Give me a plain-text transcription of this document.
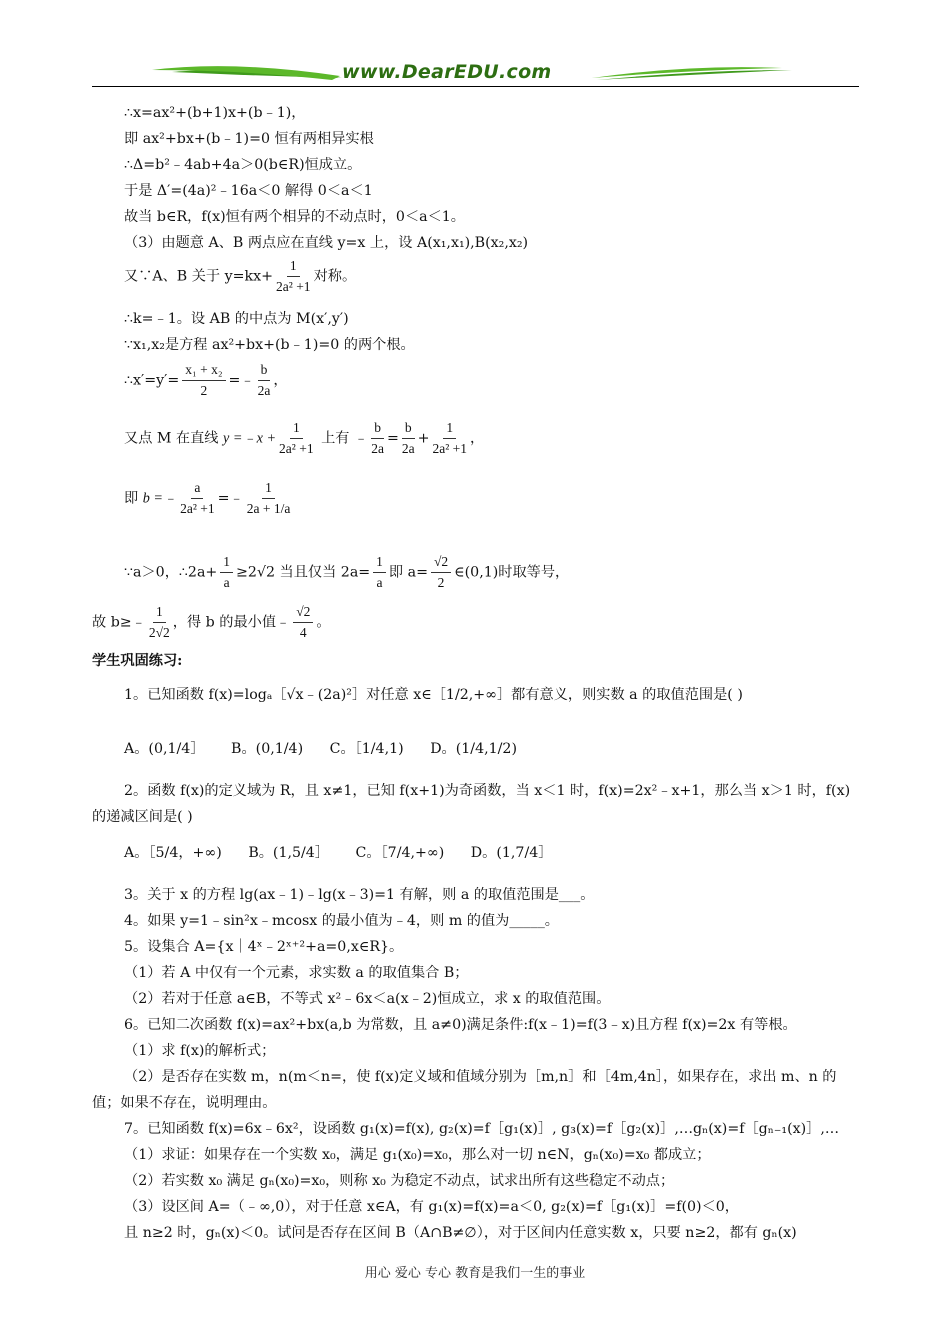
www.DearEDU.com
∴x=ax²+(b+1)x+(b﹣1)，
即 ax²+bx+(b﹣1)=0 恒有两相异实根
∴Δ=b²﹣4ab+4a＞0(b∈R)恒成立。
于是 Δ′=(4a)²﹣16a＜0 解得 0＜a＜1
故当 b∈R，f(x)恒有两个相异的不动点时，0＜a＜1。
（3）由题意 A、B 两点应在直线 y=x 上，设 A(x₁,x₁),B(x₂,x₂)
又∵A、B 关于 $y=kx+ \frac{1}{\text{2a² +1}}$ 对称。
∴k=﹣1。设 AB 的中点为 M(x′,y′)
∵x₁,x₂是方程 ax²+bx+(b﹣1)=0 的两个根。
∴x′=y′= $\frac{\text{x₁ + x₂}}{2}$ =﹣ $\frac{b}{2a}$ ，
又点 M 在直线 y =﹣x + $\frac{1}{\text{2a² +1}}$ 上有 ﹣ $\frac{b}{2a} = \frac{b}{2a} + \frac{1}{\text{2a² +1}}$ ，
即 b =﹣ $\frac{a}{\text{2a² +1}}$ =﹣ $\frac{1}{2a + 1/a}$
∵a＞0，∴2a+ $\frac{1}{a} \ge 2√2$ 当且仅当 $2a= \frac{1}{a}$ 即 $a= \frac{√2}{2}$ ∈(0,1)时取等号，
故 b≥﹣ $\frac{1}{2√2}$ ，得 b 的最小值﹣ $\frac{√2}{4}$ 。
学生巩固练习:
1。已知函数 f(x)=logₐ［√x﹣(2a)²］对任意 x∈［1/2,+∞］都有意义，则实数 a 的取值范围是( )
A。(0,1/4］ B。(0,1/4) C。［1/4,1) D。(1/4,1/2)
2。函数 f(x)的定义域为 R，且 x≠1，已知 f(x+1)为奇函数，当 x＜1 时，f(x)=2x²﹣x+1，那么当 x＞1 时，f(x)
的递减区间是( )
A。［5/4，+∞) B。(1,5/4］ C。［7/4,+∞) D。(1,7/4］
3。关于 x 的方程 lg(ax﹣1)﹣lg(x﹣3)=1 有解，则 a 的取值范围是___。
4。如果 y=1﹣sin²x﹣mcosx 的最小值为﹣4，则 m 的值为_____。
5。设集合 A={x｜4ˣ﹣2ˣ⁺²+a=0,x∈R}。
（1）若 A 中仅有一个元素，求实数 a 的取值集合 B；
（2）若对于任意 a∈B，不等式 x²﹣6x＜a(x﹣2)恒成立，求 x 的取值范围。
6。已知二次函数 f(x)=ax²+bx(a,b 为常数，且 a≠0)满足条件:f(x﹣1)=f(3﹣x)且方程 f(x)=2x 有等根。
（1）求 f(x)的解析式；
（2）是否存在实数 m，n(m＜n=，使 f(x)定义域和值域分别为［m,n］和［4m,4n］，如果存在，求出 m、n 的
值；如果不存在，说明理由。
7。已知函数 f(x)=6x﹣6x²，设函数 g₁(x)=f(x), g₂(x)=f［g₁(x)］, g₃(x)=f［g₂(x)］,…gₙ(x)=f［gₙ₋₁(x)］,…
（1）求证：如果存在一个实数 x₀，满足 g₁(x₀)=x₀，那么对一切 n∈N，gₙ(x₀)=x₀ 都成立；
（2）若实数 x₀ 满足 gₙ(x₀)=x₀，则称 x₀ 为稳定不动点，试求出所有这些稳定不动点；
（3）设区间 A=（﹣∞,0），对于任意 x∈A，有 g₁(x)=f(x)=a＜0, g₂(x)=f［g₁(x)］=f(0)＜0，
且 n≥2 时，gₙ(x)＜0。试问是否存在区间 B（A∩B≠∅），对于区间内任意实数 x，只要 n≥2，都有 gₙ(x)
用心 爱心 专心 教育是我们一生的事业
